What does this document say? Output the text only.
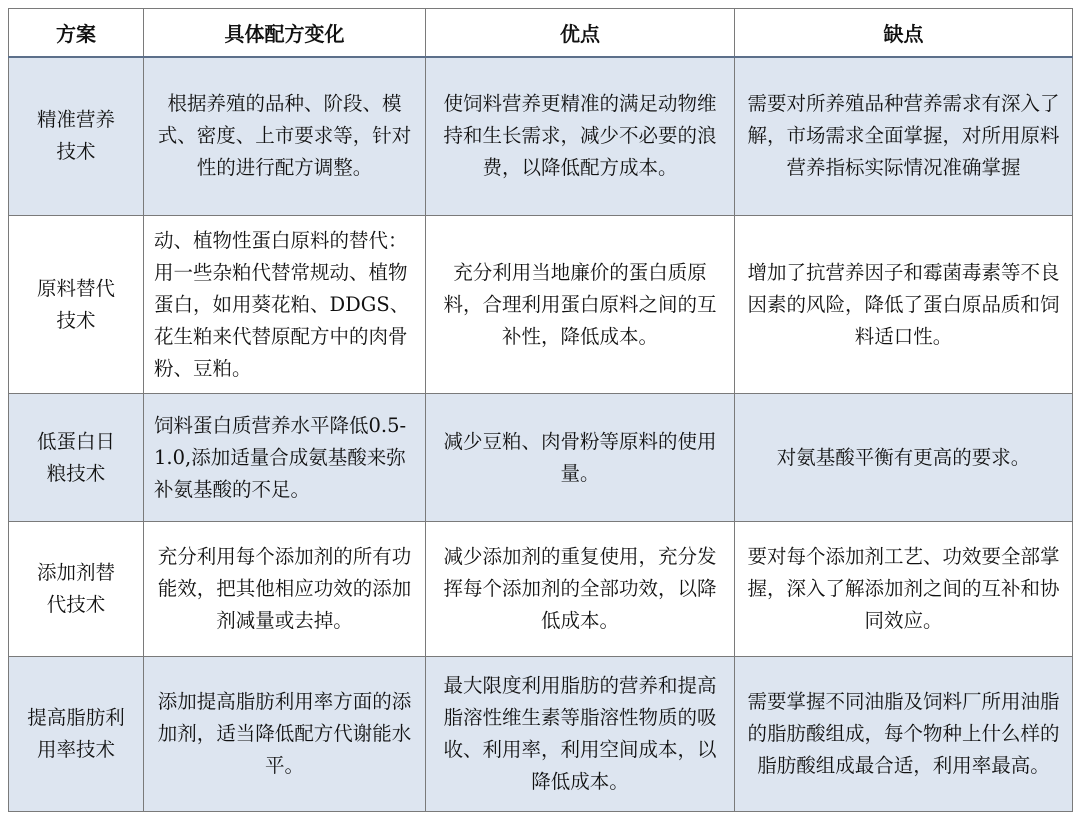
方案	具体配方变化	优点	缺点

精准营养技术	根据养殖的品种、阶段、模式、密度、上市要求等，针对性的进行配方调整。	使饲料营养更精准的满足动物维持和生长需求，减少不必要的浪费，以降低配方成本。	需要对所养殖品种营养需求有深入了解，市场需求全面掌握，对所用原料营养指标实际情况准确掌握

原料替代技术	动、植物性蛋白原料的替代：用一些杂粕代替常规动、植物蛋白，如用葵花粕、DDGS、花生粕来代替原配方中的肉骨粉、豆粕。	充分利用当地廉价的蛋白质原料，合理利用蛋白原料之间的互补性，降低成本。	增加了抗营养因子和霉菌毒素等不良因素的风险，降低了蛋白原品质和饲料适口性。

低蛋白日粮技术	饲料蛋白质营养水平降低0.5-1.0,添加适量合成氨基酸来弥补氨基酸的不足。	减少豆粕、肉骨粉等原料的使用量。	对氨基酸平衡有更高的要求。

添加剂替代技术	充分利用每个添加剂的所有功能效，把其他相应功效的添加剂减量或去掉。	减少添加剂的重复使用，充分发挥每个添加剂的全部功效，以降低成本。	要对每个添加剂工艺、功效要全部掌握，深入了解添加剂之间的互补和协同效应。

提高脂肪利用率技术	添加提高脂肪利用率方面的添加剂，适当降低配方代谢能水平。	最大限度利用脂肪的营养和提高脂溶性维生素等脂溶性物质的吸收、利用率，利用空间成本，以降低成本。	需要掌握不同油脂及饲料厂所用油脂的脂肪酸组成，每个物种上什么样的脂肪酸组成最合适，利用率最高。
